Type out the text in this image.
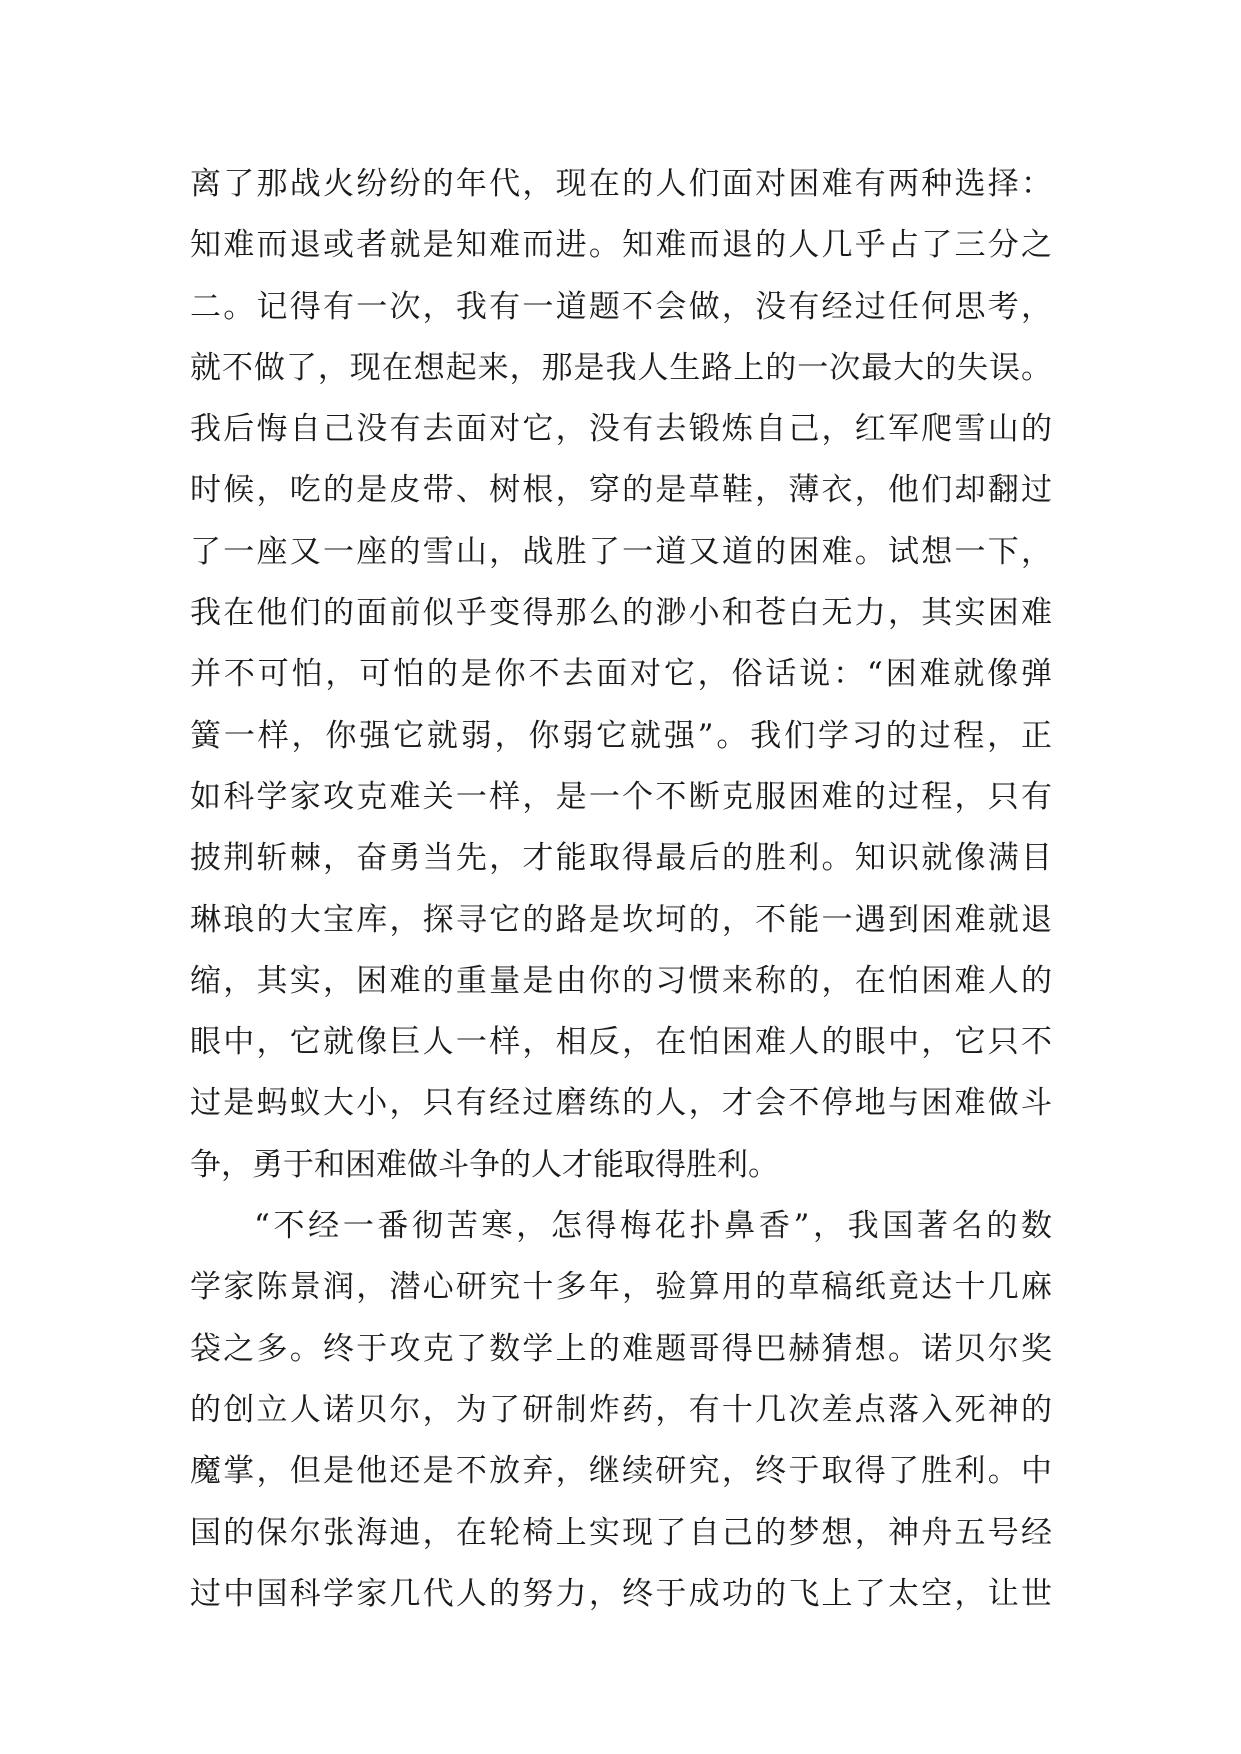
离了那战火纷纷的年代，现在的人们面对困难有两种选择：
知难而退或者就是知难而进。知难而退的人几乎占了三分之
二。记得有一次，我有一道题不会做，没有经过任何思考，
就不做了，现在想起来，那是我人生路上的一次最大的失误。
我后悔自己没有去面对它，没有去锻炼自己，红军爬雪山的
时候，吃的是皮带、树根，穿的是草鞋，薄衣，他们却翻过
了一座又一座的雪山，战胜了一道又道的困难。试想一下，
我在他们的面前似乎变得那么的渺小和苍白无力，其实困难
并不可怕，可怕的是你不去面对它，俗话说：“困难就像弹
簧一样，你强它就弱，你弱它就强”。我们学习的过程，正
如科学家攻克难关一样，是一个不断克服困难的过程，只有
披荆斩棘，奋勇当先，才能取得最后的胜利。知识就像满目
琳琅的大宝库，探寻它的路是坎坷的，不能一遇到困难就退
缩，其实，困难的重量是由你的习惯来称的，在怕困难人的
眼中，它就像巨人一样，相反，在怕困难人的眼中，它只不
过是蚂蚁大小，只有经过磨练的人，才会不停地与困难做斗
争，勇于和困难做斗争的人才能取得胜利。
“不经一番彻苦寒，怎得梅花扑鼻香”，我国著名的数
学家陈景润，潜心研究十多年，验算用的草稿纸竟达十几麻
袋之多。终于攻克了数学上的难题哥得巴赫猜想。诺贝尔奖
的创立人诺贝尔，为了研制炸药，有十几次差点落入死神的
魔掌，但是他还是不放弃，继续研究，终于取得了胜利。中
国的保尔张海迪，在轮椅上实现了自己的梦想，神舟五号经
过中国科学家几代人的努力，终于成功的飞上了太空，让世
